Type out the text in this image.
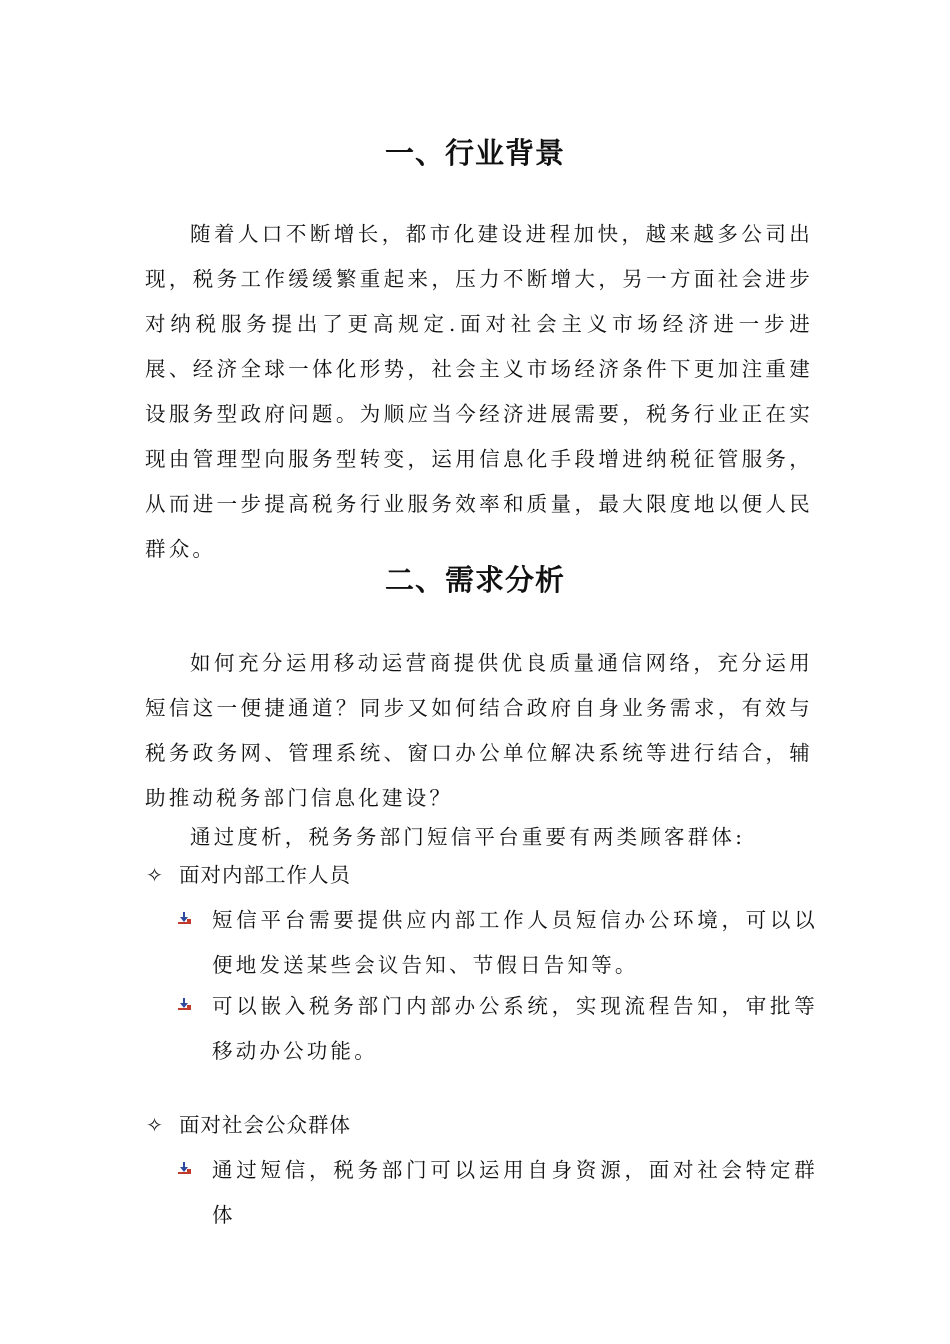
一、行业背景

随着人口不断增长，都市化建设进程加快，越来越多公司出现，税务工作缓缓繁重起来，压力不断增大，另一方面社会进步对纳税服务提出了更高规定.面对社会主义市场经济进一步进展、经济全球一体化形势，社会主义市场经济条件下更加注重建设服务型政府问题。为顺应当今经济进展需要，税务行业正在实现由管理型向服务型转变，运用信息化手段增进纳税征管服务，从而进一步提高税务行业服务效率和质量，最大限度地以便人民群众。

二、需求分析

如何充分运用移动运营商提供优良质量通信网络，充分运用短信这一便捷通道？同步又如何结合政府自身业务需求，有效与税务政务网、管理系统、窗口办公单位解决系统等进行结合，辅助推动税务部门信息化建设？

通过度析，税务务部门短信平台重要有两类顾客群体:

✧ 面对内部工作人员

短信平台需要提供应内部工作人员短信办公环境，可以以便地发送某些会议告知、节假日告知等。

可以嵌入税务部门内部办公系统，实现流程告知，审批等移动办公功能。

✧ 面对社会公众群体

通过短信，税务部门可以运用自身资源，面对社会特定群体
